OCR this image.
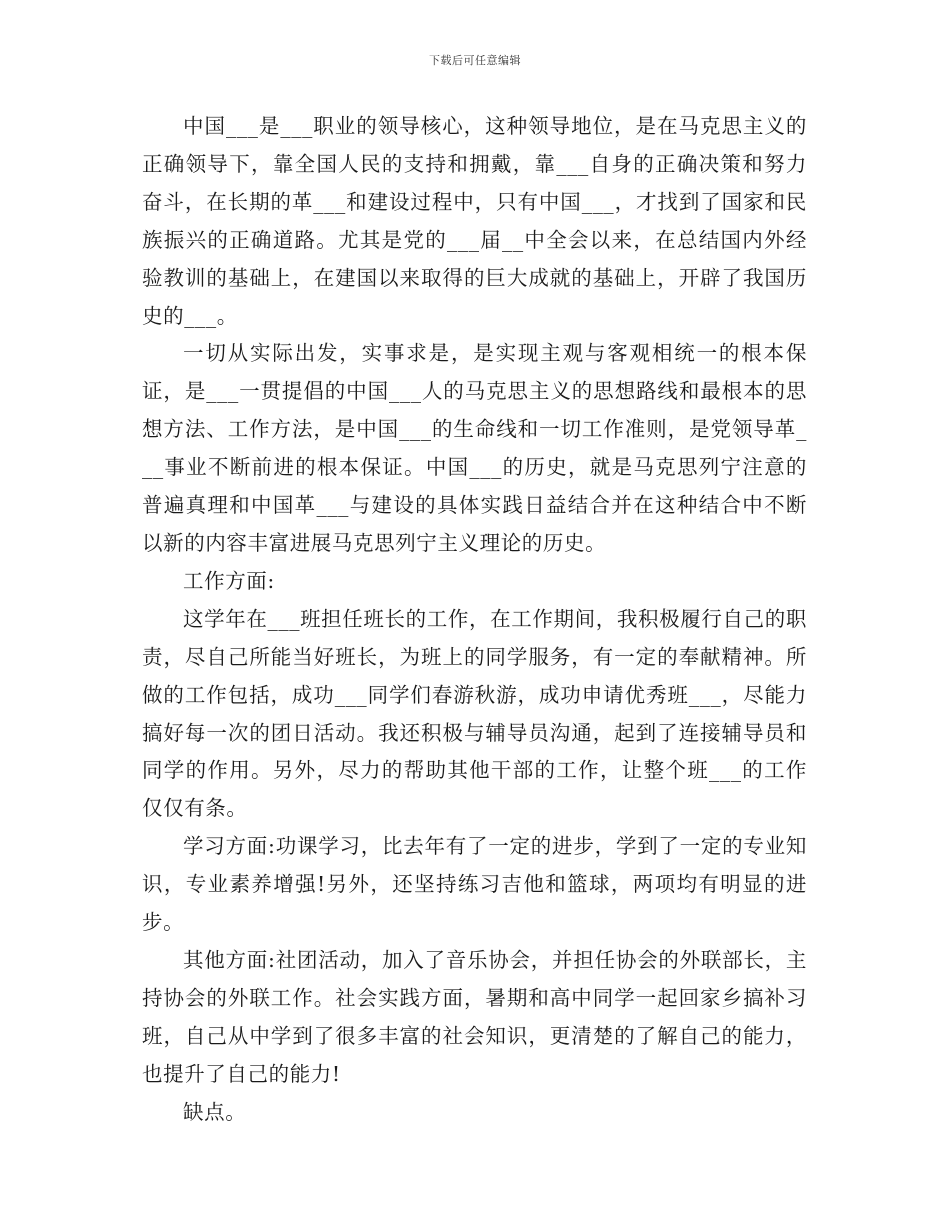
下载后可任意编辑

中国___是___职业的领导核心，这种领导地位，是在马克思主义的正确领导下，靠全国人民的支持和拥戴，靠___自身的正确决策和努力奋斗，在长期的革___和建设过程中，只有中国___，才找到了国家和民族振兴的正确道路。尤其是党的___届__中全会以来，在总结国内外经验教训的基础上，在建国以来取得的巨大成就的基础上，开辟了我国历史的___。

一切从实际出发，实事求是，是实现主观与客观相统一的根本保证，是___一贯提倡的中国___人的马克思主义的思想路线和最根本的思想方法、工作方法，是中国___的生命线和一切工作准则，是党领导革___事业不断前进的根本保证。中国___的历史，就是马克思列宁注意的普遍真理和中国革___与建设的具体实践日益结合并在这种结合中不断以新的内容丰富进展马克思列宁主义理论的历史。

工作方面:

这学年在___班担任班长的工作，在工作期间，我积极履行自己的职责，尽自己所能当好班长，为班上的同学服务，有一定的奉献精神。所做的工作包括，成功___同学们春游秋游，成功申请优秀班___，尽能力搞好每一次的团日活动。我还积极与辅导员沟通，起到了连接辅导员和同学的作用。另外，尽力的帮助其他干部的工作，让整个班___的工作仅仅有条。

学习方面:功课学习，比去年有了一定的进步，学到了一定的专业知识，专业素养增强!另外，还坚持练习吉他和篮球，两项均有明显的进步。

其他方面:社团活动，加入了音乐协会，并担任协会的外联部长，主持协会的外联工作。社会实践方面，暑期和高中同学一起回家乡搞补习班，自己从中学到了很多丰富的社会知识，更清楚的了解自己的能力，也提升了自己的能力!

缺点。
